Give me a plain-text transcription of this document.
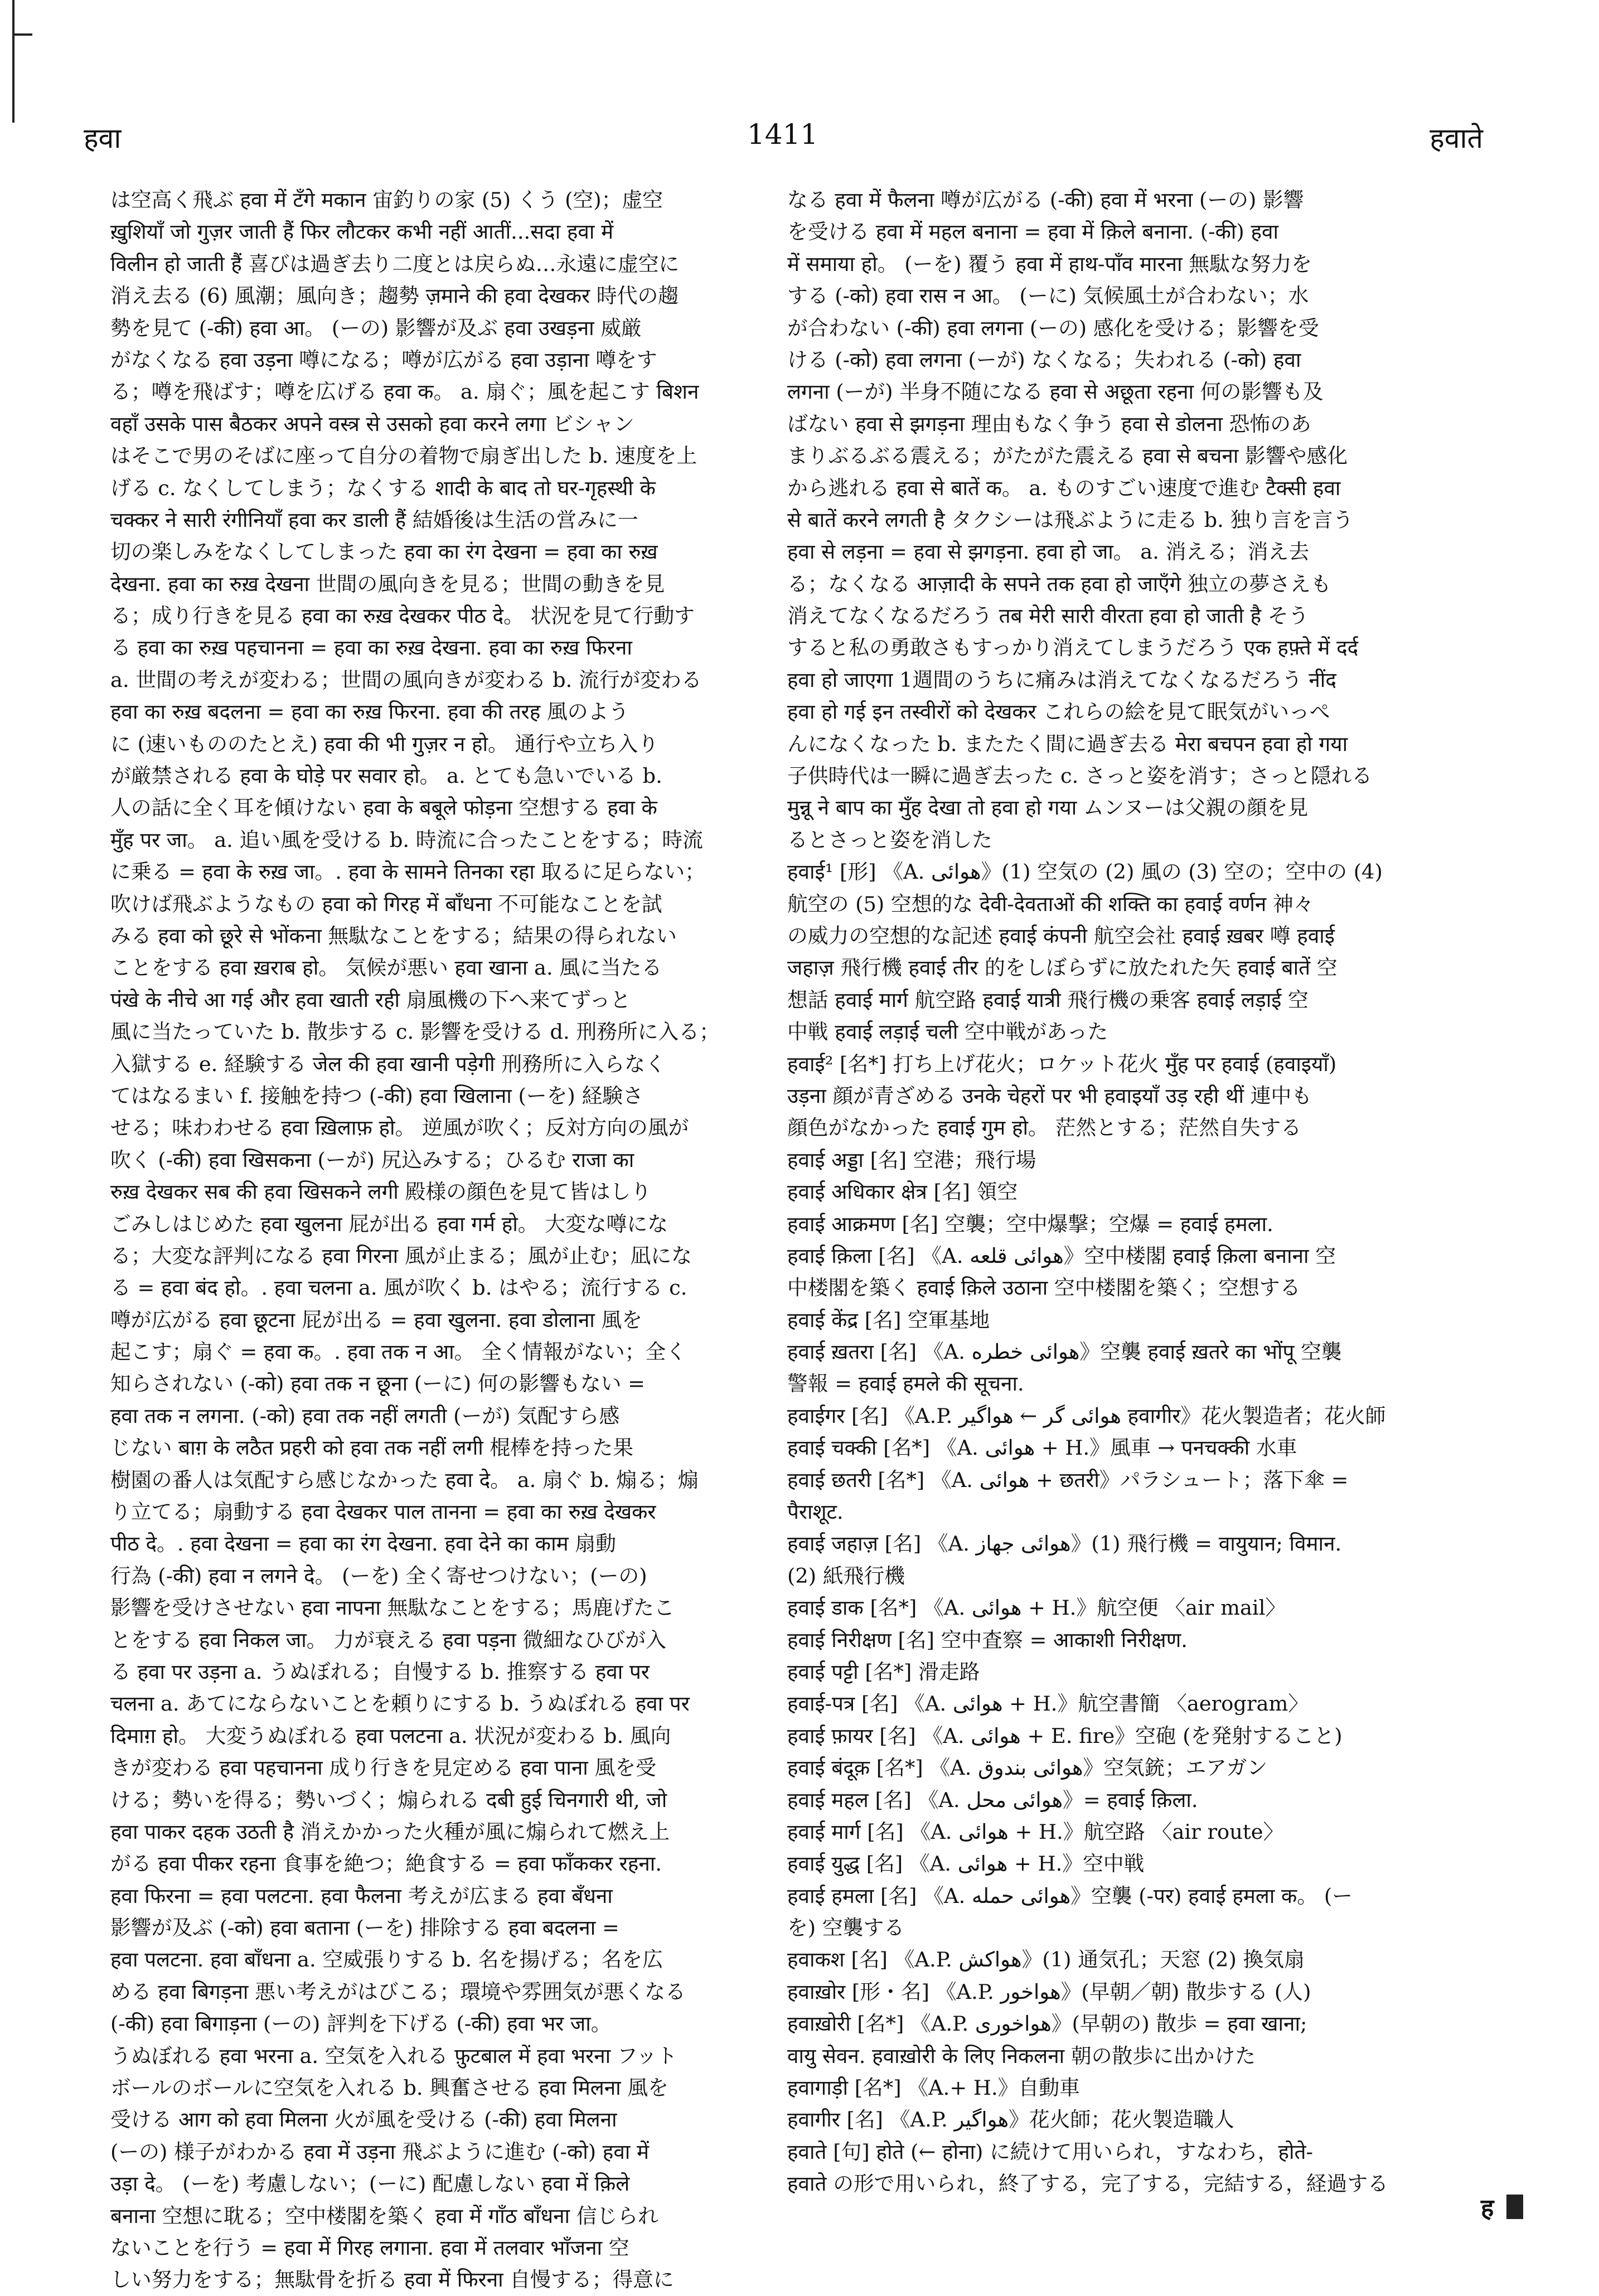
हवा	1411	हवाते
は空高く飛ぶ हवा में टँगे मकान 宙釣りの家 (5) くう (空)；虚空
ख़ुशियाँ जो गुज़र जाती हैं फिर लौटकर कभी नहीं आतीं...सदा हवा में
विलीन हो जाती हैं 喜びは過ぎ去り二度とは戻らぬ…永遠に虚空に
消え去る (6) 風潮；風向き；趨勢 ज़माने की हवा देखकर 時代の趨
勢を見て (-की) हवा आ。 (ーの) 影響が及ぶ हवा उखड़ना 威厳
がなくなる हवा उड़ना 噂になる；噂が広がる हवा उड़ाना 噂をす
る；噂を飛ばす；噂を広げる हवा क。 a. 扇ぐ；風を起こす बिशन
वहाँ उसके पास बैठकर अपने वस्त्र से उसको हवा करने लगा ビシャン
はそこで男のそばに座って自分の着物で扇ぎ出した b. 速度を上
げる c. なくしてしまう；なくする शादी के बाद तो घर-गृहस्थी के
चक्कर ने सारी रंगीनियाँ हवा कर डाली हैं 結婚後は生活の営みに一
切の楽しみをなくしてしまった हवा का रंग देखना = हवा का रुख़
देखना. हवा का रुख़ देखना 世間の風向きを見る；世間の動きを見
る；成り行きを見る हवा का रुख़ देखकर पीठ दे。 状況を見て行動す
る हवा का रुख़ पहचानना = हवा का रुख़ देखना. हवा का रुख़ फिरना
a. 世間の考えが変わる；世間の風向きが変わる b. 流行が変わる
हवा का रुख़ बदलना = हवा का रुख़ फिरना. हवा की तरह 風のよう
に (速いもののたとえ) हवा की भी गुज़र न हो。 通行や立ち入り
が厳禁される हवा के घोड़े पर सवार हो。 a. とても急いでいる b.
人の話に全く耳を傾けない हवा के बबूले फोड़ना 空想する हवा के
मुँह पर जा。 a. 追い風を受ける b. 時流に合ったことをする；時流
に乗る = हवा के रुख़ जा。. हवा के सामने तिनका रहा 取るに足らない；
吹けば飛ぶようなもの हवा को गिरह में बाँधना 不可能なことを試
みる हवा को छूरे से भोंकना 無駄なことをする；結果の得られない
ことをする हवा ख़राब हो。 気候が悪い हवा खाना a. 風に当たる
पंखे के नीचे आ गई और हवा खाती रही 扇風機の下へ来てずっと
風に当たっていた b. 散歩する c. 影響を受ける d. 刑務所に入る；
入獄する e. 経験する जेल की हवा खानी पड़ेगी 刑務所に入らなく
てはなるまい f. 接触を持つ (-की) हवा खिलाना (ーを) 経験さ
せる；味わわせる हवा ख़िलाफ़ हो。 逆風が吹く；反対方向の風が
吹く (-की) हवा खिसकना (ーが) 尻込みする；ひるむ राजा का
रुख़ देखकर सब की हवा खिसकने लगी 殿様の顔色を見て皆はしり
ごみしはじめた हवा खुलना 屁が出る हवा गर्म हो。 大変な噂にな
る；大変な評判になる हवा गिरना 風が止まる；風が止む；凪にな
る = हवा बंद हो。. हवा चलना a. 風が吹く b. はやる；流行する c.
噂が広がる हवा छूटना 屁が出る = हवा खुलना. हवा डोलाना 風を
起こす；扇ぐ = हवा क。. हवा तक न आ。 全く情報がない；全く
知らされない (-को) हवा तक न छूना (ーに) 何の影響もない =
हवा तक न लगना. (-को) हवा तक नहीं लगती (ーが) 気配すら感
じない बाग़ के लठैत प्रहरी को हवा तक नहीं लगी 棍棒を持った果
樹園の番人は気配すら感じなかった हवा दे。 a. 扇ぐ b. 煽る；煽
り立てる；扇動する हवा देखकर पाल तानना = हवा का रुख़ देखकर
पीठ दे。. हवा देखना = हवा का रंग देखना. हवा देने का काम 扇動
行為 (-की) हवा न लगने दे。 (ーを) 全く寄せつけない；(ーの)
影響を受けさせない हवा नापना 無駄なことをする；馬鹿げたこ
とをする हवा निकल जा。 力が衰える हवा पड़ना 微細なひびが入
る हवा पर उड़ना a. うぬぼれる；自慢する b. 推察する हवा पर
चलना a. あてにならないことを頼りにする b. うぬぼれる हवा पर
दिमाग़ हो。 大変うぬぼれる हवा पलटना a. 状況が変わる b. 風向
きが変わる हवा पहचानना 成り行きを見定める हवा पाना 風を受
ける；勢いを得る；勢いづく；煽られる दबी हुई चिनगारी थी, जो
हवा पाकर दहक उठती है 消えかかった火種が風に煽られて燃え上
がる हवा पीकर रहना 食事を絶つ；絶食する = हवा फाँककर रहना.
हवा फिरना = हवा पलटना. हवा फैलना 考えが広まる हवा बँधना
影響が及ぶ (-को) हवा बताना (ーを) 排除する हवा बदलना =
हवा पलटना. हवा बाँधना a. 空威張りする b. 名を揚げる；名を広
める हवा बिगड़ना 悪い考えがはびこる；環境や雰囲気が悪くなる
(-की) हवा बिगाड़ना (ーの) 評判を下げる (-की) हवा भर जा。
うぬぼれる हवा भरना a. 空気を入れる फ़ुटबाल में हवा भरना フット
ボールのボールに空気を入れる b. 興奮させる हवा मिलना 風を
受ける आग को हवा मिलना 火が風を受ける (-की) हवा मिलना
(ーの) 様子がわかる हवा में उड़ना 飛ぶように進む (-को) हवा में
उड़ा दे。 (ーを) 考慮しない；(ーに) 配慮しない हवा में क़िले
बनाना 空想に耽る；空中楼閣を築く हवा में गाँठ बाँधना 信じられ
ないことを行う = हवा में गिरह लगाना. हवा में तलवार भाँजना 空
しい努力をする；無駄骨を折る हवा में फिरना 自慢する；得意に
なる हवा में फैलना 噂が広がる (-की) हवा में भरना (ーの) 影響
を受ける हवा में महल बनाना = हवा में क़िले बनाना. (-की) हवा
में समाया हो。 (ーを) 覆う हवा में हाथ-पाँव मारना 無駄な努力を
する (-को) हवा रास न आ。 (ーに) 気候風土が合わない；水
が合わない (-की) हवा लगना (ーの) 感化を受ける；影響を受
ける (-को) हवा लगना (ーが) なくなる；失われる (-को) हवा
लगना (ーが) 半身不随になる हवा से अछूता रहना 何の影響も及
ばない हवा से झगड़ना 理由もなく争う हवा से डोलना 恐怖のあ
まりぶるぶる震える；がたがた震える हवा से बचना 影響や感化
から逃れる हवा से बातें क。 a. ものすごい速度で進む टैक्सी हवा
से बातें करने लगती है タクシーは飛ぶように走る b. 独り言を言う
हवा से लड़ना = हवा से झगड़ना. हवा हो जा。 a. 消える；消え去
る；なくなる आज़ादी के सपने तक हवा हो जाएँगे 独立の夢さえも
消えてなくなるだろう तब मेरी सारी वीरता हवा हो जाती है そう
すると私の勇敢さもすっかり消えてしまうだろう एक हफ़्ते में दर्द
हवा हो जाएगा 1週間のうちに痛みは消えてなくなるだろう नींद
हवा हो गई इन तस्वीरों को देखकर これらの絵を見て眠気がいっぺ
んになくなった b. またたく間に過ぎ去る मेरा बचपन हवा हो गया
子供時代は一瞬に過ぎ去った c. さっと姿を消す；さっと隠れる
मुन्नू ने बाप का मुँह देखा तो हवा हो गया ムンヌーは父親の顔を見
るとさっと姿を消した
हवाई¹ [形] 《A. هوائی》(1) 空気の (2) 風の (3) 空の；空中の (4)
航空の (5) 空想的な देवी-देवताओं की शक्ति का हवाई वर्णन 神々
の威力の空想的な記述 हवाई कंपनी 航空会社 हवाई ख़बर 噂 हवाई
जहाज़ 飛行機 हवाई तीर 的をしぼらずに放たれた矢 हवाई बातें 空
想話 हवाई मार्ग 航空路 हवाई यात्री 飛行機の乗客 हवाई लड़ाई 空
中戦 हवाई लड़ाई चली 空中戦があった
हवाई² [名*] 打ち上げ花火；ロケット花火 मुँह पर हवाई (हवाइयाँ)
उड़ना 顔が青ざめる उनके चेहरों पर भी हवाइयाँ उड़ रही थीं 連中も
顔色がなかった हवाई गुम हो。 茫然とする；茫然自失する
हवाई अड्डा [名] 空港；飛行場
हवाई अधिकार क्षेत्र [名] 領空
हवाई आक्रमण [名] 空襲；空中爆撃；空爆 = हवाई हमला.
हवाई क़िला [名] 《A. هوائی قلعه》空中楼閣 हवाई क़िला बनाना 空
中楼閣を築く हवाई क़िले उठाना 空中楼閣を築く；空想する
हवाई केंद्र [名] 空軍基地
हवाई ख़तरा [名] 《A. هوائی خطره》空襲 हवाई ख़तरे का भोंपू 空襲
警報 = हवाई हमले की सूचना.
हवाईगर [名] 《A.P. هوائی گر ← هواگیر हवागीर》花火製造者；花火師
हवाई चक्की [名*] 《A. هوائی + H.》風車 → पनचक्की 水車
हवाई छतरी [名*] 《A. هوائی + छतरी》パラシュート；落下傘 =
पैराशूट.
हवाई जहाज़ [名] 《A. هوائی جهاز》(1) 飛行機 = वायुयान; विमान.
(2) 紙飛行機
हवाई डाक [名*] 《A. هوائی + H.》航空便 〈air mail〉
हवाई निरीक्षण [名] 空中査察 = आकाशी निरीक्षण.
हवाई पट्टी [名*] 滑走路
हवाई-पत्र [名] 《A. هوائی + H.》航空書簡 〈aerogram〉
हवाई फ़ायर [名] 《A. هوائی + E. fire》空砲 (を発射すること)
हवाई बंदूक़ [名*] 《A. هوائی بندوق》空気銃；エアガン
हवाई महल [名] 《A. هوائی محل》= हवाई क़िला.
हवाई मार्ग [名] 《A. هوائی + H.》航空路 〈air route〉
हवाई युद्ध [名] 《A. هوائی + H.》空中戦
हवाई हमला [名] 《A. هوائی حمله》空襲 (-पर) हवाई हमला क。 (ー
を) 空襲する
हवाकश [名] 《A.P. هواکش》(1) 通気孔；天窓 (2) 換気扇
हवाख़ोर [形・名] 《A.P. هواخور》(早朝／朝) 散歩する (人)
हवाख़ोरी [名*] 《A.P. هواخوری》(早朝の) 散歩 = हवा खाना;
वायु सेवन. हवाख़ोरी के लिए निकलना 朝の散歩に出かけた
हवागाड़ी [名*] 《A.+ H.》自動車
हवागीर [名] 《A.P. هواگیر》花火師；花火製造職人
हवाते [句] होते (← होना) に続けて用いられ，すなわち，होते-
हवाते の形で用いられ，終了する，完了する，完結する，経過する
ह
